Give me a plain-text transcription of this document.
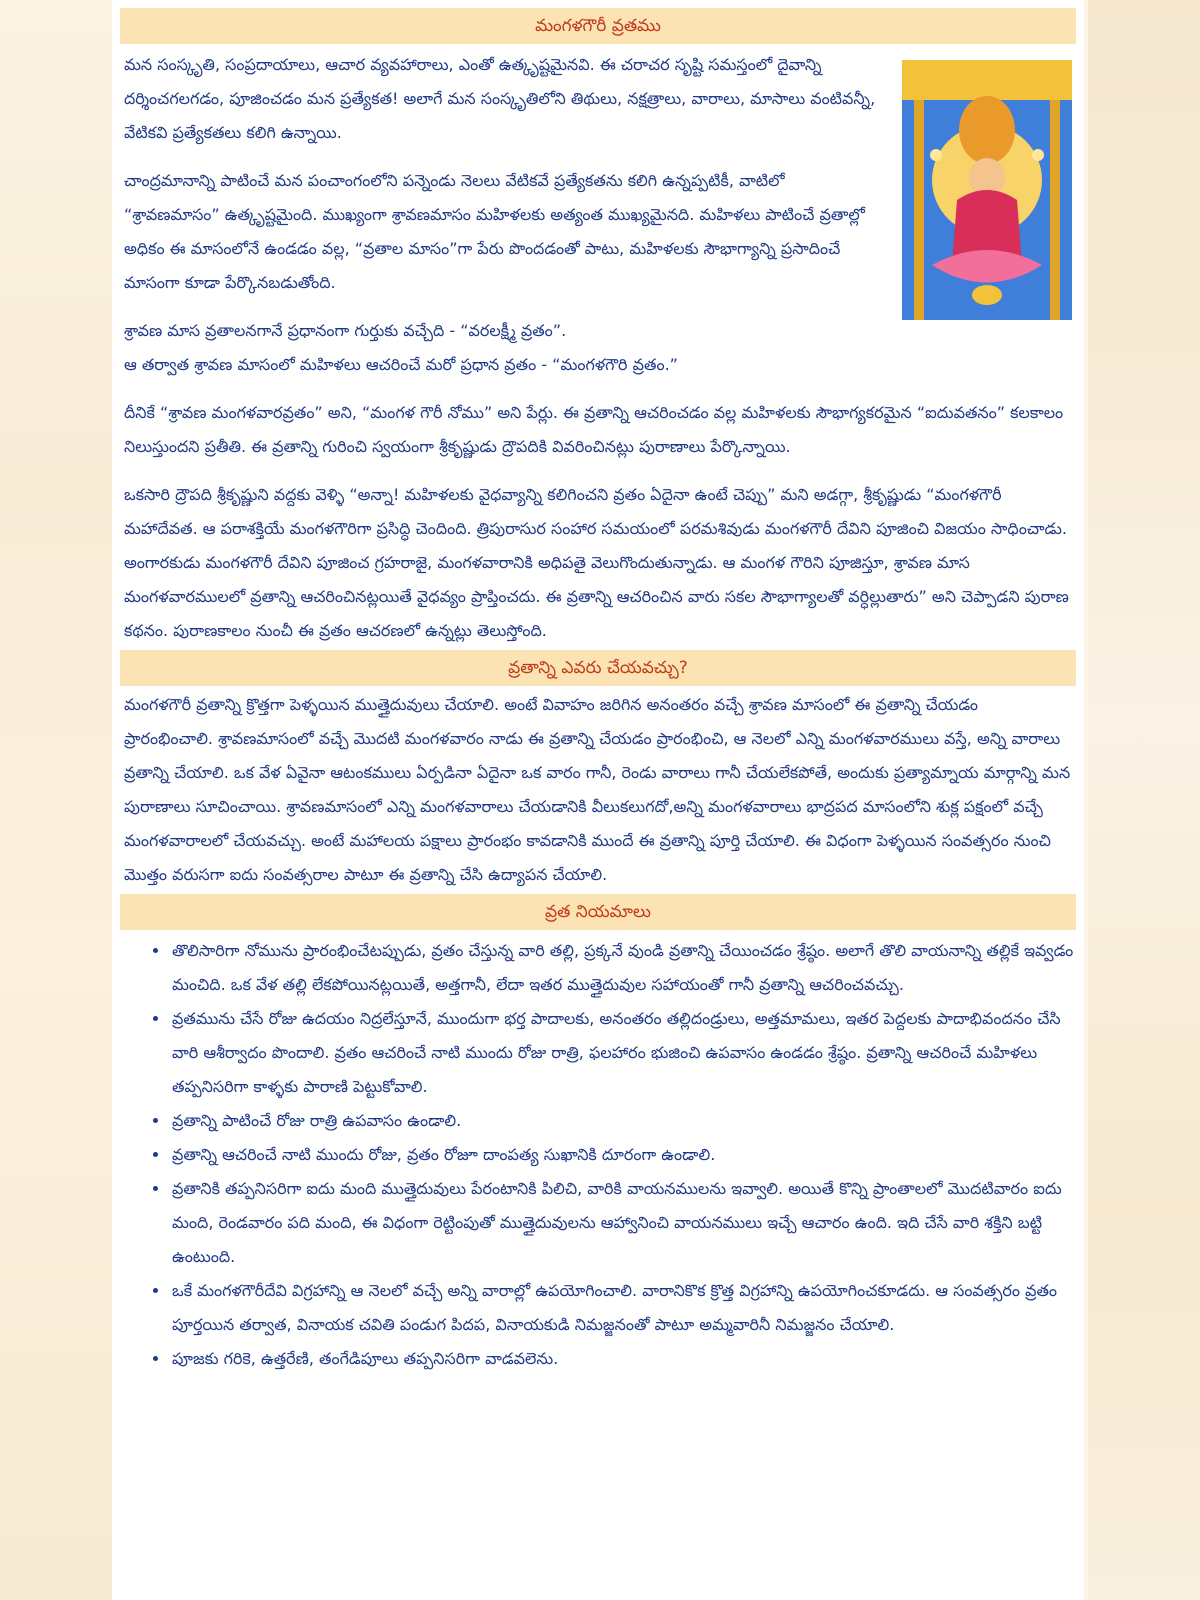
మంగళగౌరీ వ్రతము

మన సంస్కృతి, సంప్రదాయాలు, ఆచార వ్యవహారాలు, ఎంతో ఉత్కృష్టమైనవి. ఈ చరాచర సృష్టి సమస్తంలో దైవాన్ని దర్శించగలగడం, పూజించడం మన ప్రత్యేకత! అలాగే మన సంస్కృతిలోని తిథులు, నక్షత్రాలు, వారాలు, మాసాలు వంటివన్నీ, వేటికవి ప్రత్యేకతలు కలిగి ఉన్నాయి.

చాంద్రమానాన్ని పాటించే మన పంచాంగంలోని పన్నెండు నెలలు వేటికవే ప్రత్యేకతను కలిగి ఉన్నప్పటికీ, వాటిలో “శ్రావణమాసం” ఉత్కృష్టమైంది. ముఖ్యంగా శ్రావణమాసం మహిళలకు అత్యంత ముఖ్యమైనది. మహిళలు పాటించే వ్రతాల్లో అధికం ఈ మాసంలోనే ఉండడం వల్ల, “వ్రతాల మాసం”గా పేరు పొందడంతో పాటు, మహిళలకు సౌభాగ్యాన్ని ప్రసాదించే మాసంగా కూడా పేర్కొనబడుతోంది.

శ్రావణ మాస వ్రతాలనగానే ప్రధానంగా గుర్తుకు వచ్చేది - “వరలక్ష్మీ వ్రతం”.

ఆ తర్వాత శ్రావణ మాసంలో మహిళలు ఆచరించే మరో ప్రధాన వ్రతం - “మంగళగౌరి వ్రతం.”

దీనికే “శ్రావణ మంగళవారవ్రతం” అని, “మంగళ గౌరీ నోము” అని పేర్లు. ఈ వ్రతాన్ని ఆచరించడం వల్ల మహిళలకు సౌభాగ్యకరమైన “ఐదువతనం” కలకాలం నిలుస్తుందని ప్రతీతి. ఈ వ్రతాన్ని గురించి స్వయంగా శ్రీకృష్ణుడు ద్రౌపదికి వివరించినట్లు పురాణాలు పేర్కొన్నాయి.

ఒకసారి ద్రౌపది శ్రీకృష్ణుని వద్దకు వెళ్ళి “అన్నా! మహిళలకు వైధవ్యాన్ని కలిగించని వ్రతం ఏదైనా ఉంటే చెప్పు” మని అడగ్గా, శ్రీకృష్ణుడు “మంగళగౌరీ మహాదేవత. ఆ పరాశక్తియే మంగళగౌరిగా ప్రసిద్ధి చెందింది. త్రిపురాసుర సంహార సమయంలో పరమశివుడు మంగళగౌరీ దేవిని పూజించి విజయం సాధించాడు. అంగారకుడు మంగళగౌరీ దేవిని పూజించ గ్రహరాజై, మంగళవారానికి అధిపతై వెలుగొందుతున్నాడు. ఆ మంగళ గౌరిని పూజిస్తూ, శ్రావణ మాస మంగళవారములలో వ్రతాన్ని ఆచరించినట్లయితే వైధవ్యం ప్రాప్తించదు. ఈ వ్రతాన్ని ఆచరించిన వారు సకల సౌభాగ్యాలతో వర్ధిల్లుతారు” అని చెప్పాడని పురాణ కథనం. పురాణకాలం నుంచీ ఈ వ్రతం ఆచరణలో ఉన్నట్లు తెలుస్తోంది.

వ్రతాన్ని ఎవరు చేయవచ్చు?

మంగళగౌరీ వ్రతాన్ని క్రొత్తగా పెళ్ళయిన ముత్తైదువులు చేయాలి. అంటే వివాహం జరిగిన అనంతరం వచ్చే శ్రావణ మాసంలో ఈ వ్రతాన్ని చేయడం ప్రారంభించాలి. శ్రావణమాసంలో వచ్చే మొదటి మంగళవారం నాడు ఈ వ్రతాన్ని చేయడం ప్రారంభించి, ఆ నెలలో ఎన్ని మంగళవారములు వస్తే, అన్ని వారాలు వ్రతాన్ని చేయాలి. ఒక వేళ ఏవైనా ఆటంకములు ఏర్పడినా ఏదైనా ఒక వారం గానీ, రెండు వారాలు గానీ చేయలేకపోతే, అందుకు ప్రత్యామ్నాయ మార్గాన్ని మన పురాణాలు సూచించాయి. శ్రావణమాసంలో ఎన్ని మంగళవారాలు చేయడానికి వీలుకలుగదో,అన్ని మంగళవారాలు భాద్రపద మాసంలోని శుక్ల పక్షంలో వచ్చే మంగళవారాలలో చేయవచ్చు. అంటే మహాలయ పక్షాలు ప్రారంభం కావడానికి ముందే ఈ వ్రతాన్ని పూర్తి చేయాలి. ఈ విధంగా పెళ్ళయిన సంవత్సరం నుంచి మొత్తం వరుసగా ఐదు సంవత్సరాల పాటూ ఈ వ్రతాన్ని చేసి ఉద్యాపన చేయాలి.

వ్రత నియమాలు
• తొలిసారిగా నోమును ప్రారంభించేటప్పుడు, వ్రతం చేస్తున్న వారి తల్లి, ప్రక్కనే వుండి వ్రతాన్ని చేయించడం శ్రేష్ఠం. అలాగే తొలి వాయనాన్ని తల్లికే ఇవ్వడం మంచిది. ఒక వేళ తల్లి లేకపోయినట్లయితే, అత్తగానీ, లేదా ఇతర ముత్తైదువుల సహాయంతో గానీ వ్రతాన్ని ఆచరించవచ్చు.
• వ్రతమును చేసే రోజు ఉదయం నిద్రలేస్తూనే, ముందుగా భర్త పాదాలకు, అనంతరం తల్లిదండ్రులు, అత్తమామలు, ఇతర పెద్దలకు పాదాభివందనం చేసి వారి ఆశీర్వాదం పొందాలి. వ్రతం ఆచరించే నాటి ముందు రోజు రాత్రి, ఫలహారం భుజించి ఉపవాసం ఉండడం శ్రేష్ఠం. వ్రతాన్ని ఆచరించే మహిళలు తప్పనిసరిగా కాళ్ళకు పారాణి పెట్టుకోవాలి.
• వ్రతాన్ని పాటించే రోజు రాత్రి ఉపవాసం ఉండాలి.
• వ్రతాన్ని ఆచరించే నాటి ముందు రోజు, వ్రతం రోజూ దాంపత్య సుఖానికి దూరంగా ఉండాలి.
• వ్రతానికి తప్పనిసరిగా ఐదు మంది ముత్తైదువులు పేరంటానికి పిలిచి, వారికి వాయనములను ఇవ్వాలి. అయితే కొన్ని ప్రాంతాలలో మొదటివారం ఐదు మంది, రెండవారం పది మంది, ఈ విధంగా రెట్టింపుతో ముత్తైదువులను ఆహ్వానించి వాయనములు ఇచ్చే ఆచారం ఉంది. ఇది చేసే వారి శక్తిని బట్టి ఉంటుంది.
• ఒకే మంగళగౌరీదేవి విగ్రహాన్ని ఆ నెలలో వచ్చే అన్ని వారాల్లో ఉపయోగించాలి. వారానికొక క్రొత్త విగ్రహాన్ని ఉపయోగించకూడదు. ఆ సంవత్సరం వ్రతం పూర్తయిన తర్వాత, వినాయక చవితి పండుగ పిదప, వినాయకుడి నిమజ్జనంతో పాటూ అమ్మవారినీ నిమజ్జనం చేయాలి.
• పూజకు గరికె, ఉత్తరేణి, తంగేడిపూలు తప్పనిసరిగా వాడవలెను.
